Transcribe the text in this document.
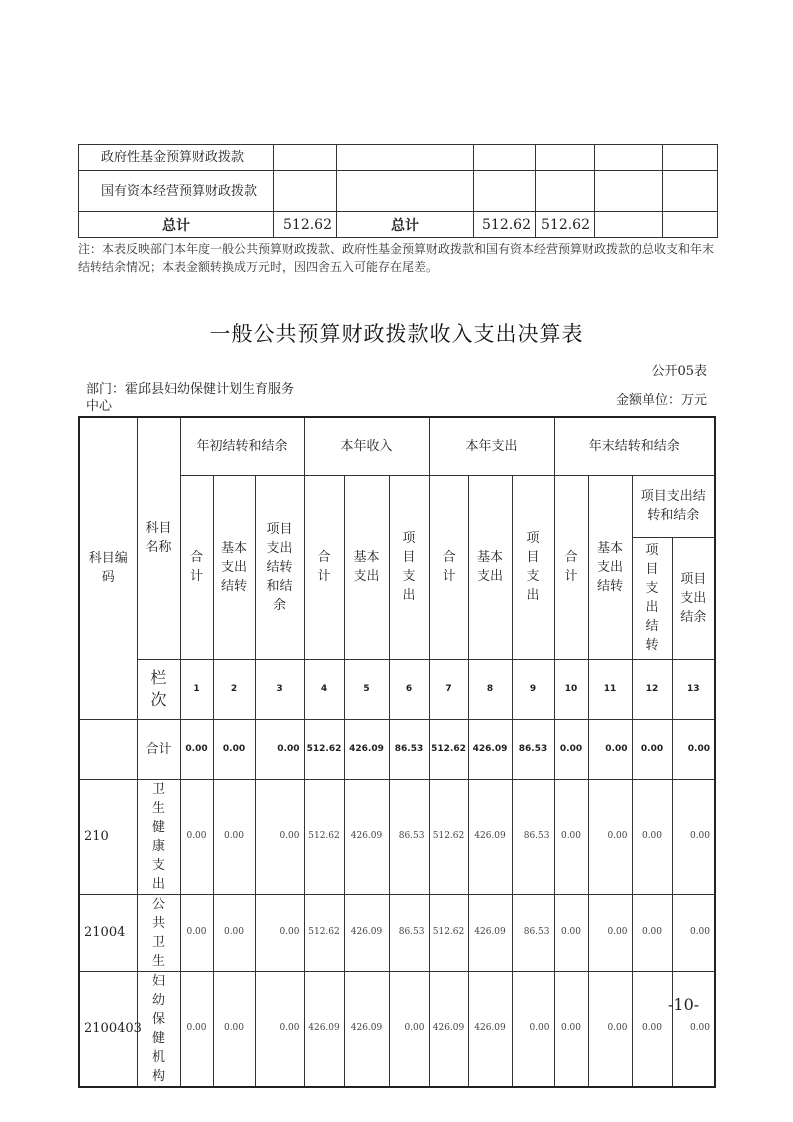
政府性基金预算财政拨款						
国有资本经营预算财政拨款						
总计	512.62	总计	512.62	512.62		
注：本表反映部门本年度一般公共预算财政拨款、政府性基金预算财政拨款和国有资本经营预算财政拨款的总收支和年末结转结余情况；本表金额转换成万元时，因四舍五入可能存在尾差。
一般公共预算财政拨款收入支出决算表
公开05表
部门：霍邱县妇幼保健计划生育服务中心	金额单位：万元
科目编码	科目名称	年初结转和结余			本年收入			本年支出			年末结转和结余			
		合计	基本支出结转	项目支出结转和结余	合计	基本支出	项目支出	合计	基本支出	项目支出	合计	基本支出结转	项目支出结转和结余	
													项目支出结转	项目支出结余
	栏次	1	2	3	4	5	6	7	8	9	10	11	12	13
	合计	0.00	0.00	0.00	512.62	426.09	86.53	512.62	426.09	86.53	0.00	0.00	0.00	0.00
210	卫生健康支出	0.00	0.00	0.00	512.62	426.09	86.53	512.62	426.09	86.53	0.00	0.00	0.00	0.00
21004	公共卫生	0.00	0.00	0.00	512.62	426.09	86.53	512.62	426.09	86.53	0.00	0.00	0.00	0.00
2100403	妇幼保健机构	0.00	0.00	0.00	426.09	426.09	0.00	426.09	426.09	0.00	0.00	0.00	0.00	0.00
-10-
